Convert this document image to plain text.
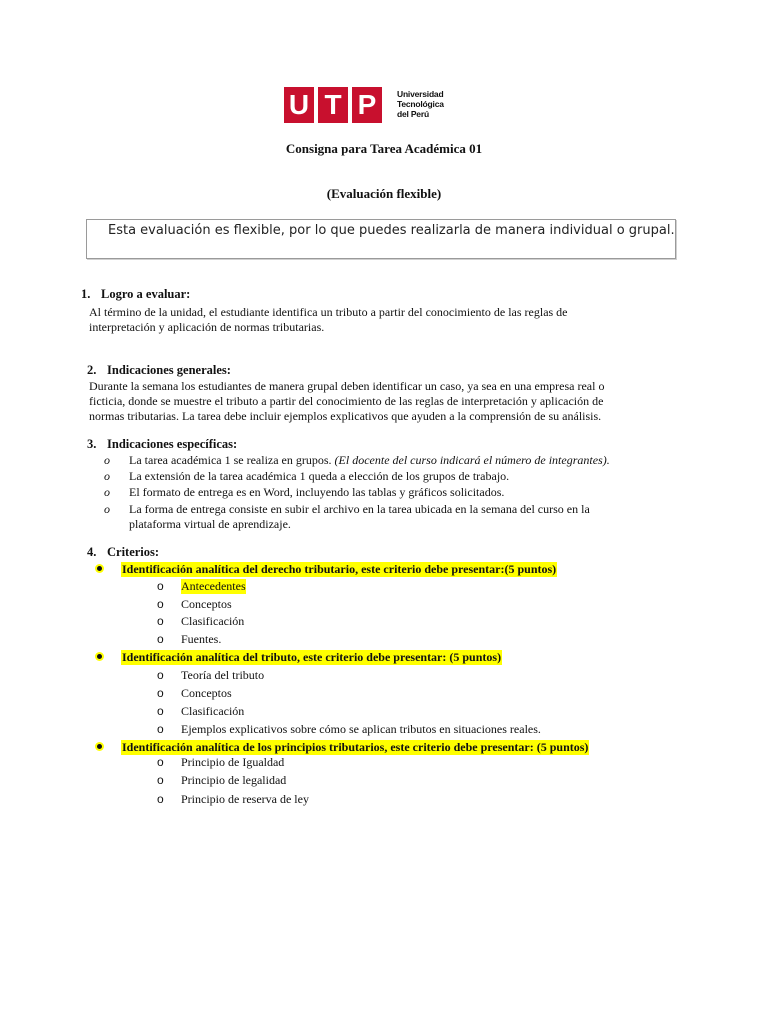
U T P	Universidad
Tecnológica
del Perú
Consigna para Tarea Académica 01
(Evaluación flexible)
Esta evaluación es flexible, por lo que puedes realizarla de manera individual o grupal.
1. Logro a evaluar:
Al término de la unidad, el estudiante identifica un tributo a partir del conocimiento de las reglas de
interpretación y aplicación de normas tributarias.
2. Indicaciones generales:
Durante la semana los estudiantes de manera grupal deben identificar un caso, ya sea en una empresa real o
ficticia, donde se muestre el tributo a partir del conocimiento de las reglas de interpretación y aplicación de
normas tributarias. La tarea debe incluir ejemplos explicativos que ayuden a la comprensión de su análisis.
3. Indicaciones específicas:
o La tarea académica 1 se realiza en grupos. (El docente del curso indicará el número de integrantes).
o La extensión de la tarea académica 1 queda a elección de los grupos de trabajo.
o El formato de entrega es en Word, incluyendo las tablas y gráficos solicitados.
o La forma de entrega consiste en subir el archivo en la tarea ubicada en la semana del curso en la
plataforma virtual de aprendizaje.
4. Criterios:
Identificación analítica del derecho tributario, este criterio debe presentar:(5 puntos)
o Antecedentes
o Conceptos
o Clasificación
o Fuentes.
Identificación analítica del tributo, este criterio debe presentar: (5 puntos)
o Teoría del tributo
o Conceptos
o Clasificación
o Ejemplos explicativos sobre cómo se aplican tributos en situaciones reales.
Identificación analítica de los principios tributarios, este criterio debe presentar: (5 puntos)
o Principio de Igualdad
o Principio de legalidad
o Principio de reserva de ley
